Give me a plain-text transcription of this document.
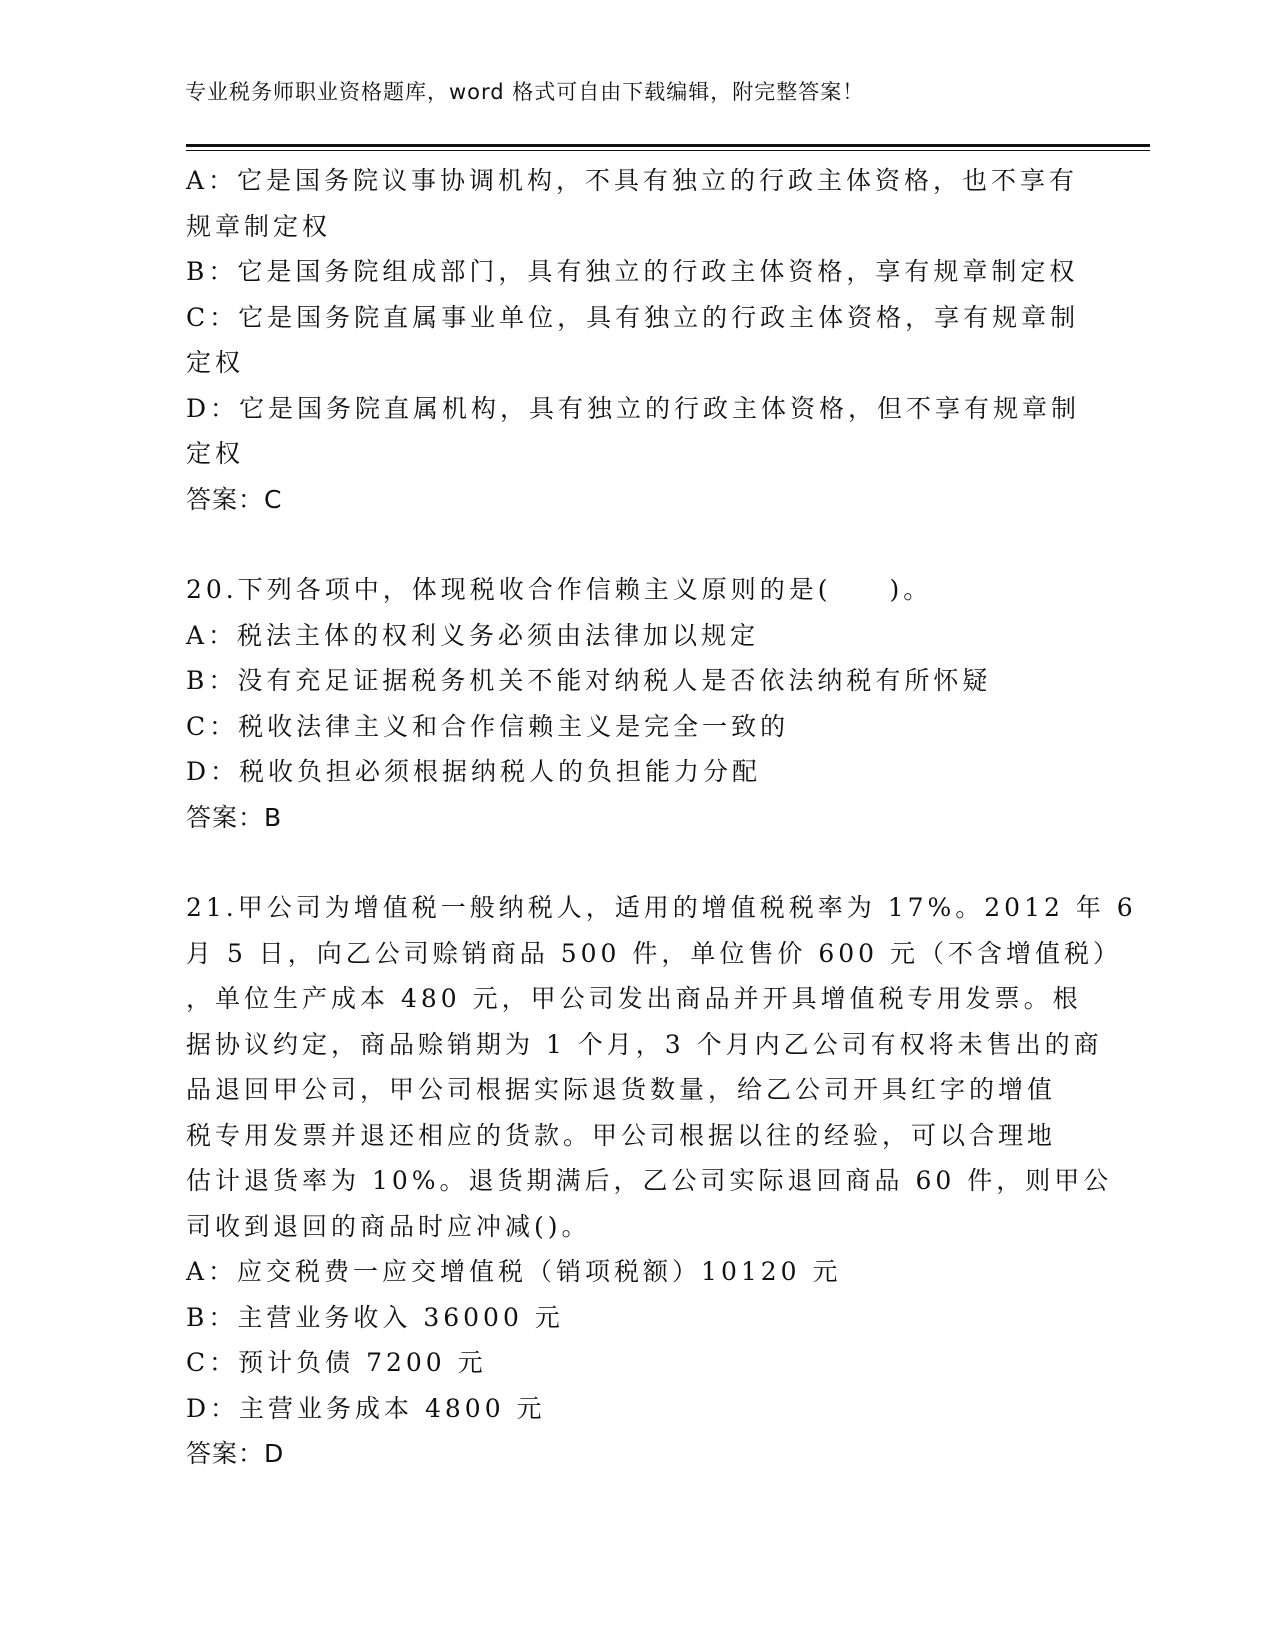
专业税务师职业资格题库，word 格式可自由下载编辑，附完整答案！
A：它是国务院议事协调机构，不具有独立的行政主体资格，也不享有
规章制定权
B：它是国务院组成部门，具有独立的行政主体资格，享有规章制定权
C：它是国务院直属事业单位，具有独立的行政主体资格，享有规章制
定权
D：它是国务院直属机构，具有独立的行政主体资格，但不享有规章制
定权
答案：C
20.下列各项中，体现税收合作信赖主义原则的是(　　)。
A：税法主体的权利义务必须由法律加以规定
B：没有充足证据税务机关不能对纳税人是否依法纳税有所怀疑
C：税收法律主义和合作信赖主义是完全一致的
D：税收负担必须根据纳税人的负担能力分配
答案：B
21.甲公司为增值税一般纳税人，适用的增值税税率为 17%。2012 年 6
月 5 日，向乙公司赊销商品 500 件，单位售价 600 元（不含增值税）
，单位生产成本 480 元，甲公司发出商品并开具增值税专用发票。根
据协议约定，商品赊销期为 1 个月，3 个月内乙公司有权将未售出的商
品退回甲公司，甲公司根据实际退货数量，给乙公司开具红字的增值
税专用发票并退还相应的货款。甲公司根据以往的经验，可以合理地
估计退货率为 10%。退货期满后，乙公司实际退回商品 60 件，则甲公
司收到退回的商品时应冲减()。
A：应交税费一应交增值税（销项税额）10120 元
B：主营业务收入 36000 元
C：预计负债 7200 元
D：主营业务成本 4800 元
答案：D
